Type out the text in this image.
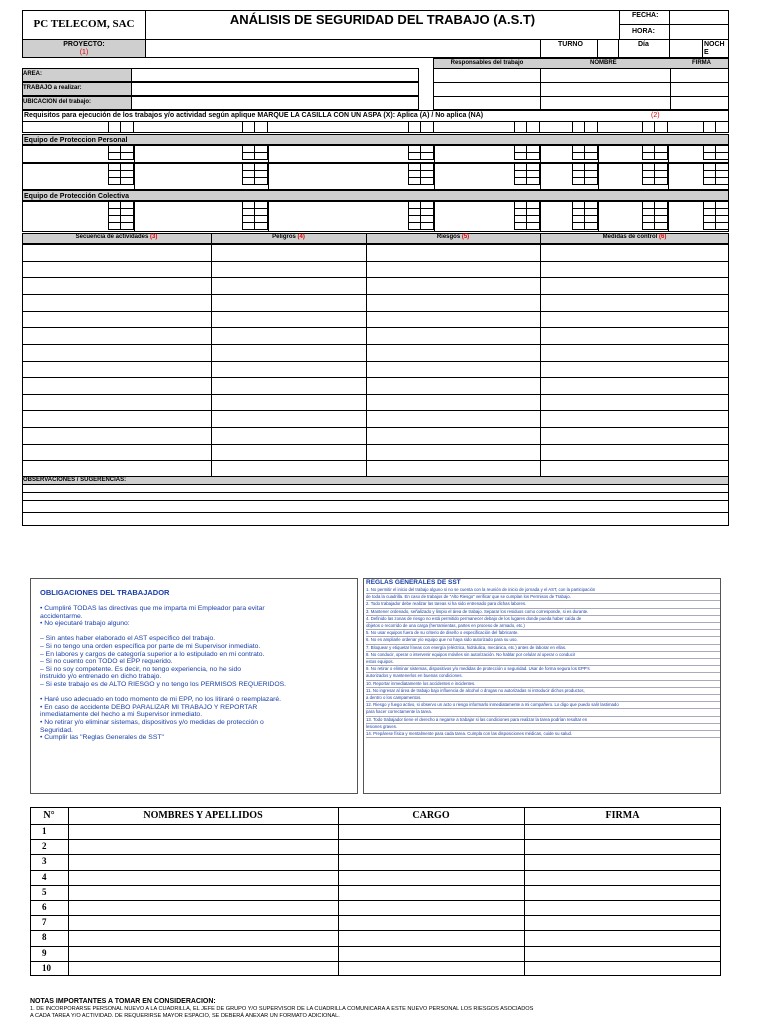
PC TELECOM, SAC	ANÁLISIS DE SEGURIDAD DEL TRABAJO (A.S.T)	FECHA:
HORA:
PROYECTO:
(1)
TURNO	Día	NOCH E
Responsables del trabajo	NOMBRE	FIRMA
AREA:
TRABAJO a realizar:
UBICACION del trabajo:
Requisitos para ejecución de los trabajos y/o actividad según aplique MARQUE LA CASILLA CON UN ASPA (X): Aplica (A) / No aplica (NA)	(2)
Equipo de Proteccion Personal
Equipo de Protección Colectiva
Secuencia de actividades (3)	Peligros (4)	Riesgos (5)	Medidas de control (6)
OBSERVACIONES / SUGERENCIAS:
OBLIGACIONES DEL TRABAJADOR
• Cumpliré TODAS las directivas que me imparta mi Empleador para evitar
accidentarme.
• No ejecutaré trabajo alguno:
– Sin antes haber elaborado el AST específico del trabajo.
– Si no tengo una orden específica por parte de mi Supervisor inmediato.
– En labores y cargos de categoría superior a lo estipulado en mi contrato.
– Si no cuento con TODO el EPP requerido.
– Si no soy competente. Es decir, no tengo experiencia, no he sido
instruido y/o entrenado en dicho trabajo.
– Si este trabajo es de ALTO RIESGO y no tengo los PERMISOS REQUERIDOS.
• Haré uso adecuado en todo momento de mi EPP, no los litiraré o reemplazaré.
• En caso de accidente DEBO PARALIZAR MI TRABAJO Y REPORTAR
inmediatamente del hecho a mi Supervisor inmediato.
• No retirar y/o eliminar sistemas, dispositivos y/o medidas de protección o
Seguridad.
• Cumplir las "Reglas Generales de SST"
REGLAS GENERALES DE SST
1. No permitir el inicio del trabajo alguno si no se cuenta con la reunión de inicio de jornada y el AST, con la participación
de toda la cuadrilla. En caso de trabajos de "Alto Riesgo" verificar que se cumplan los Permisos de Trabajo.
2. Todo trabajador debe realizar las tareas si ha sido entrenado para dichas labores.
3. Mantener ordenado, señalizado y limpio el área de trabajo. Separar los residuos como corresponde, si es durante.
4. Definido las zonas de riesgo no está permitido permanecer debajo de los lugares donde pueda haber caída de
objetos o recorrido de una carga (herramientas, partes en proceso de armado, etc.)
5. No usar equipos fuera de su criterio de diseño o especificación del fabricante.
6. No es ampliarle ordenar y/o equipo que no haya sido autorizado para su uso.
7. Bloquear y etiquetar líneas con energía (eléctrica, hidráulica, mecánica, etc.) antes de laborar en ellas.
8. No conducir, operar o intervenir equipos móviles sin autorización. No hablar por celular al operar o conducir
estos equipos.
9. No retirar o eliminar sistemas, dispositivos y/o medidas de protección o seguridad. Usar de forma segura los EPP's
autorizados y mantenerlos en buenas condiciones.
10. Reportar inmediatamente los accidentes e incidentes.
11. No ingresar al área de trabajo bajo influencia de alcohol o drogas no autorizadas ni introducir dichos productos,
a dentro o los campamentos.
12. Riesgo y fuego activo, si observo un acto o riesgo informarlo inmediatamente a mi compañero. Lo digo que puedo salir lastimado
para hacer correctamente la tarea.
13. Todo trabajador tiene el derecho a negarse a trabajar si las condiciones para realizar la tarea podrían resultar en
lesiones graves.
14. Prepárese física y mentalmente para cada tarea. Cumpla con las disposiciones médicas, cuide su salud.
N°	NOMBRES Y APELLIDOS	CARGO	FIRMA
1
2
3
4
5
6
7
8
9
10
NOTAS IMPORTANTES A TOMAR EN CONSIDERACION:
1. DE INCORPORARSE PERSONAL NUEVO A LA CUADRILLA, EL JEFE DE GRUPO Y/O SUPERVISOR DE LA CUADRILLA COMUNICARA A ESTE NUEVO PERSONAL LOS RIESGOS ASOCIADOS
A CADA TAREA Y/O ACTIVIDAD. DE REQUERIRSE MAYOR ESPACIO, SE DEBERÁ ANEXAR UN FORMATO ADICIONAL.
